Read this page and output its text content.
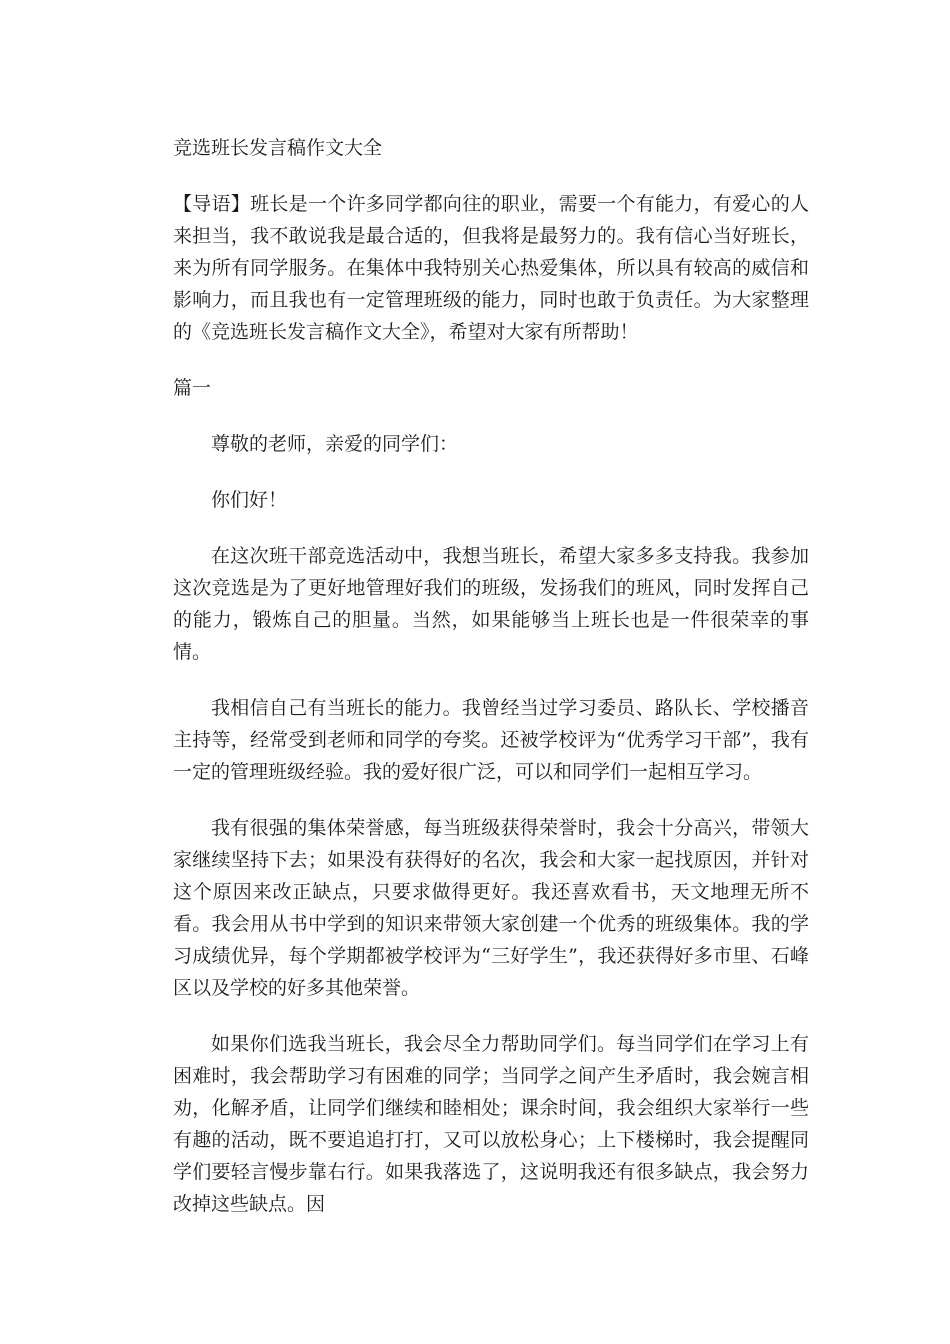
竞选班长发言稿作文大全

【导语】班长是一个许多同学都向往的职业，需要一个有能力，有爱心的人来担当，我不敢说我是最合适的，但我将是最努力的。我有信心当好班长，来为所有同学服务。在集体中我特别关心热爱集体，所以具有较高的威信和影响力，而且我也有一定管理班级的能力，同时也敢于负责任。为大家整理的《竞选班长发言稿作文大全》，希望对大家有所帮助！

篇一

尊敬的老师，亲爱的同学们：

你们好！

在这次班干部竞选活动中，我想当班长，希望大家多多支持我。我参加这次竞选是为了更好地管理好我们的班级，发扬我们的班风，同时发挥自己的能力，锻炼自己的胆量。当然，如果能够当上班长也是一件很荣幸的事情。

我相信自己有当班长的能力。我曾经当过学习委员、路队长、学校播音主持等，经常受到老师和同学的夸奖。还被学校评为“优秀学习干部”，我有一定的管理班级经验。我的爱好很广泛，可以和同学们一起相互学习。

我有很强的集体荣誉感，每当班级获得荣誉时，我会十分高兴，带领大家继续坚持下去；如果没有获得好的名次，我会和大家一起找原因，并针对这个原因来改正缺点，只要求做得更好。我还喜欢看书，天文地理无所不看。我会用从书中学到的知识来带领大家创建一个优秀的班级集体。我的学习成绩优异，每个学期都被学校评为“三好学生”，我还获得好多市里、石峰区以及学校的好多其他荣誉。

如果你们选我当班长，我会尽全力帮助同学们。每当同学们在学习上有困难时，我会帮助学习有困难的同学；当同学之间产生矛盾时，我会婉言相劝，化解矛盾，让同学们继续和睦相处；课余时间，我会组织大家举行一些有趣的活动，既不要追追打打，又可以放松身心；上下楼梯时，我会提醒同学们要轻言慢步靠右行。如果我落选了，这说明我还有很多缺点，我会努力改掉这些缺点。因
